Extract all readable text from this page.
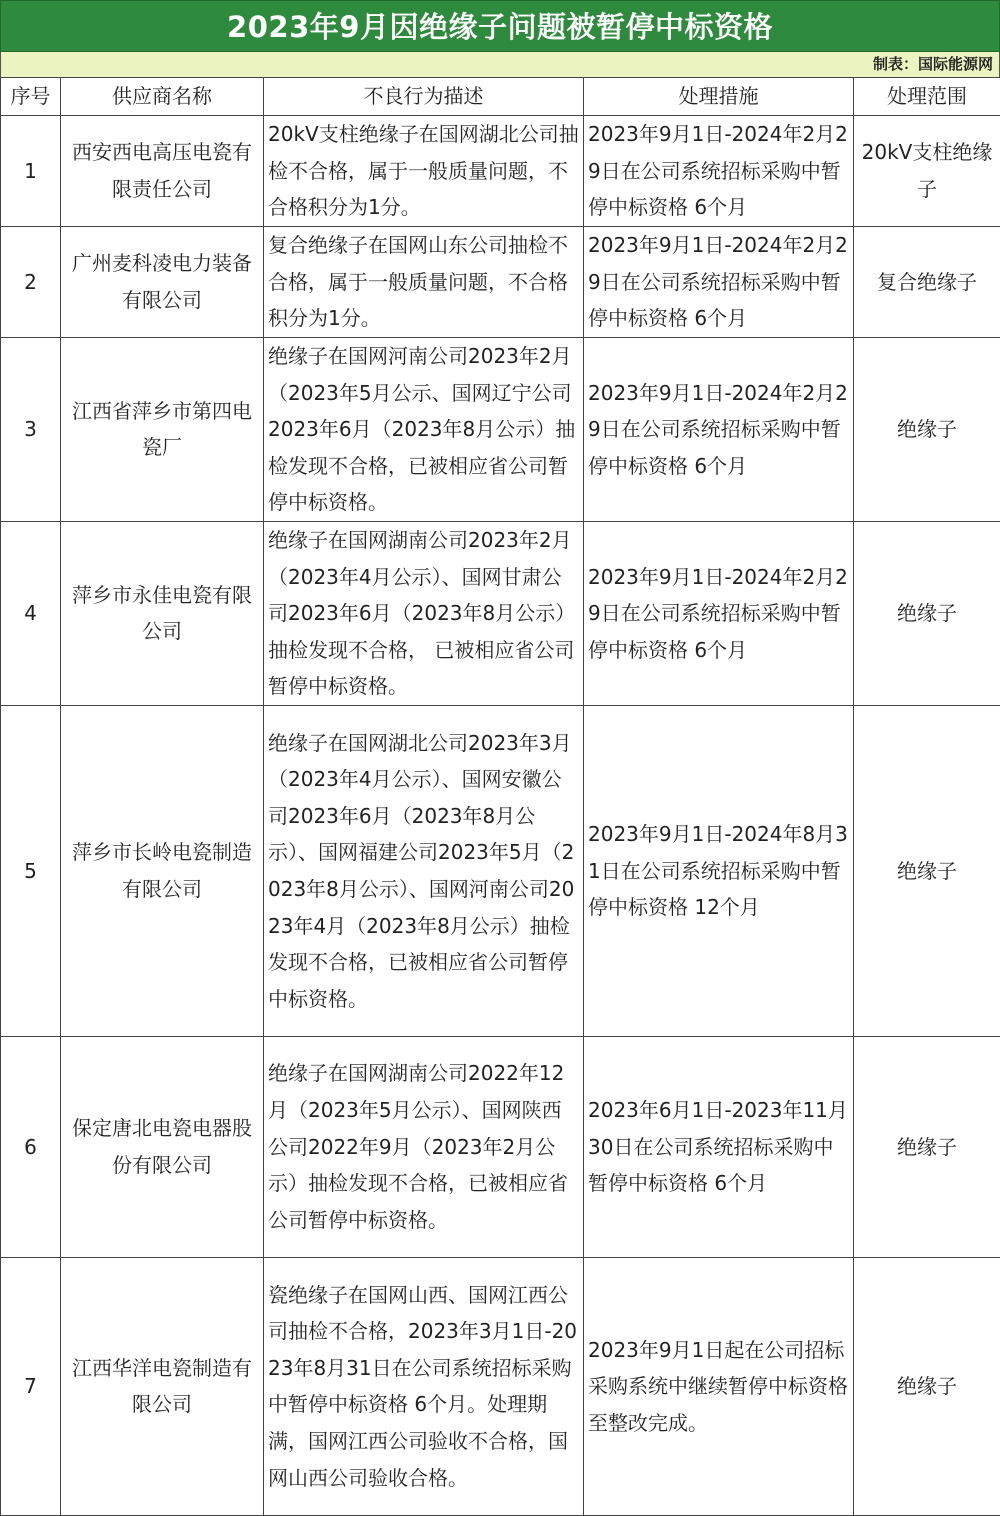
2023年9月因绝缘子问题被暂停中标资格
制表：国际能源网
序号	供应商名称	不良行为描述	处理措施	处理范围
1	西安西电高压电瓷有限责任公司	20kV支柱绝缘子在国网湖北公司抽检不合格，属于一般质量问题，不合格积分为1分。	2023年9月1日-2024年2月29日在公司系统招标采购中暂停中标资格 6个月	20kV支柱绝缘子
2	广州麦科凌电力装备有限公司	复合绝缘子在国网山东公司抽检不合格，属于一般质量问题，不合格积分为1分。	2023年9月1日-2024年2月29日在公司系统招标采购中暂停中标资格 6个月	复合绝缘子
3	江西省萍乡市第四电瓷厂	绝缘子在国网河南公司2023年2月（2023年5月公示、国网辽宁公司2023年6月（2023年8月公示）抽检发现不合格，已被相应省公司暂停中标资格。	2023年9月1日-2024年2月29日在公司系统招标采购中暂停中标资格 6个月	绝缘子
4	萍乡市永佳电瓷有限公司	绝缘子在国网湖南公司2023年2月（2023年4月公示）、国网甘肃公司2023年6月（2023年8月公示）抽检发现不合格， 已被相应省公司暂停中标资格。	2023年9月1日-2024年2月29日在公司系统招标采购中暂停中标资格 6个月	绝缘子
5	萍乡市长岭电瓷制造有限公司	绝缘子在国网湖北公司2023年3月（2023年4月公示）、国网安徽公司2023年6月（2023年8月公示）、国网福建公司2023年5月（2023年8月公示）、国网河南公司2023年4月（2023年8月公示）抽检发现不合格，已被相应省公司暂停中标资格。	2023年9月1日-2024年8月31日在公司系统招标采购中暂停中标资格 12个月	绝缘子
6	保定唐北电瓷电器股份有限公司	绝缘子在国网湖南公司2022年12月（2023年5月公示）、国网陕西公司2022年9月（2023年2月公示）抽检发现不合格，已被相应省公司暂停中标资格。	2023年6月1日-2023年11月30日在公司系统招标采购中暂停中标资格 6个月	绝缘子
7	江西华洋电瓷制造有限公司	瓷绝缘子在国网山西、国网江西公司抽检不合格，2023年3月1日-2023年8月31日在公司系统招标采购中暂停中标资格 6个月。处理期满，国网江西公司验收不合格，国网山西公司验收合格。	2023年9月1日起在公司招标采购系统中继续暂停中标资格至整改完成。	绝缘子
